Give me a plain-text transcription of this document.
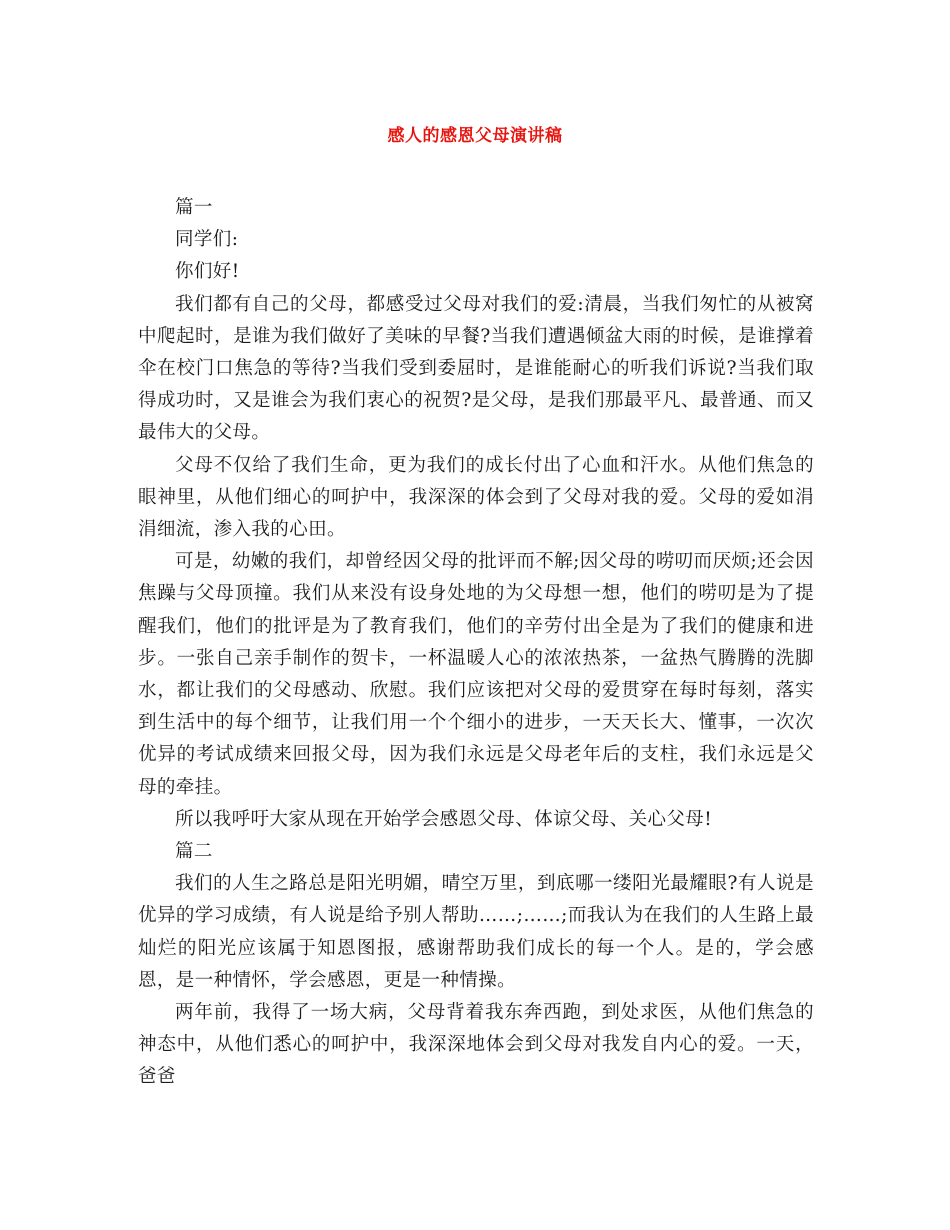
感人的感恩父母演讲稿

篇一

同学们:

你们好!

我们都有自己的父母，都感受过父母对我们的爱:清晨，当我们匆忙的从被窝中爬起时，是谁为我们做好了美味的早餐?当我们遭遇倾盆大雨的时候，是谁撑着伞在校门口焦急的等待?当我们受到委屈时，是谁能耐心的听我们诉说?当我们取得成功时，又是谁会为我们衷心的祝贺?是父母，是我们那最平凡、最普通、而又最伟大的父母。

父母不仅给了我们生命，更为我们的成长付出了心血和汗水。从他们焦急的眼神里，从他们细心的呵护中，我深深的体会到了父母对我的爱。父母的爱如涓涓细流，渗入我的心田。

可是，幼嫩的我们，却曾经因父母的批评而不解;因父母的唠叨而厌烦;还会因焦躁与父母顶撞。我们从来没有设身处地的为父母想一想，他们的唠叨是为了提醒我们，他们的批评是为了教育我们，他们的辛劳付出全是为了我们的健康和进步。一张自己亲手制作的贺卡，一杯温暖人心的浓浓热茶，一盆热气腾腾的洗脚水，都让我们的父母感动、欣慰。我们应该把对父母的爱贯穿在每时每刻，落实到生活中的每个细节，让我们用一个个细小的进步，一天天长大、懂事，一次次优异的考试成绩来回报父母，因为我们永远是父母老年后的支柱，我们永远是父母的牵挂。

所以我呼吁大家从现在开始学会感恩父母、体谅父母、关心父母!

篇二

我们的人生之路总是阳光明媚，晴空万里，到底哪一缕阳光最耀眼?有人说是优异的学习成绩，有人说是给予别人帮助……;……;而我认为在我们的人生路上最灿烂的阳光应该属于知恩图报，感谢帮助我们成长的每一个人。是的，学会感恩，是一种情怀，学会感恩，更是一种情操。

两年前，我得了一场大病，父母背着我东奔西跑，到处求医，从他们焦急的神态中，从他们悉心的呵护中，我深深地体会到父母对我发自内心的爱。一天，爸爸
